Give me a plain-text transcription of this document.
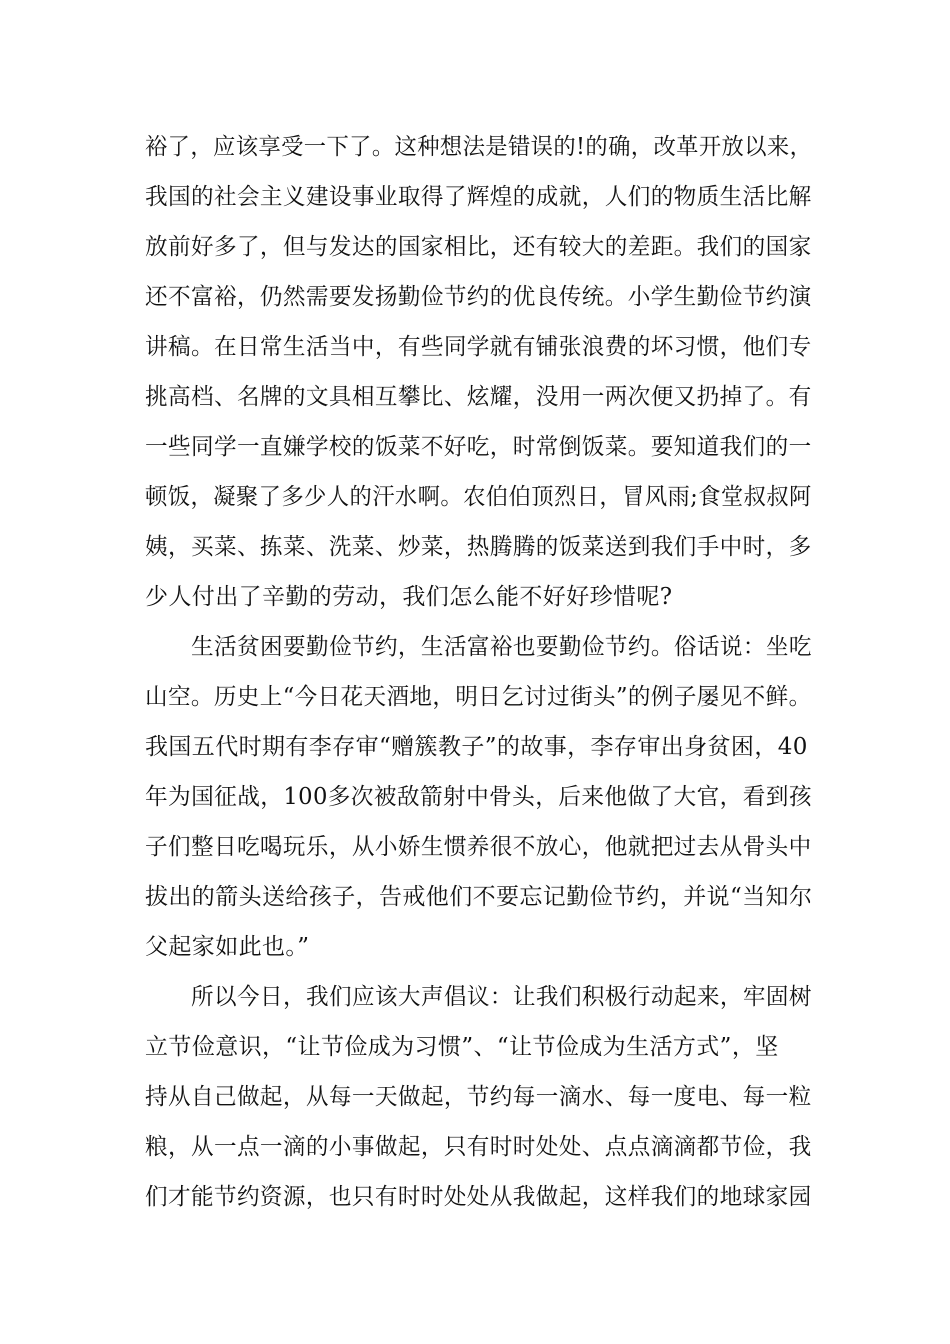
裕了，应该享受一下了。这种想法是错误的!的确，改革开放以来，
我国的社会主义建设事业取得了辉煌的成就，人们的物质生活比解
放前好多了，但与发达的国家相比，还有较大的差距。我们的国家
还不富裕，仍然需要发扬勤俭节约的优良传统。小学生勤俭节约演
讲稿。在日常生活当中，有些同学就有铺张浪费的坏习惯，他们专
挑高档、名牌的文具相互攀比、炫耀，没用一两次便又扔掉了。有
一些同学一直嫌学校的饭菜不好吃，时常倒饭菜。要知道我们的一
顿饭，凝聚了多少人的汗水啊。农伯伯顶烈日，冒风雨;食堂叔叔阿
姨，买菜、拣菜、洗菜、炒菜，热腾腾的饭菜送到我们手中时，多
少人付出了辛勤的劳动，我们怎么能不好好珍惜呢?
生活贫困要勤俭节约，生活富裕也要勤俭节约。俗话说：坐吃
山空。历史上“今日花天酒地，明日乞讨过街头”的例子屡见不鲜。
我国五代时期有李存审“赠簇教子”的故事，李存审出身贫困，40
年为国征战，100多次被敌箭射中骨头，后来他做了大官，看到孩
子们整日吃喝玩乐，从小娇生惯养很不放心，他就把过去从骨头中
拔出的箭头送给孩子，告戒他们不要忘记勤俭节约，并说“当知尔
父起家如此也。”
所以今日，我们应该大声倡议：让我们积极行动起来，牢固树
立节俭意识，“让节俭成为习惯”、“让节俭成为生活方式”，坚
持从自己做起，从每一天做起，节约每一滴水、每一度电、每一粒
粮，从一点一滴的小事做起，只有时时处处、点点滴滴都节俭，我
们才能节约资源，也只有时时处处从我做起，这样我们的地球家园
